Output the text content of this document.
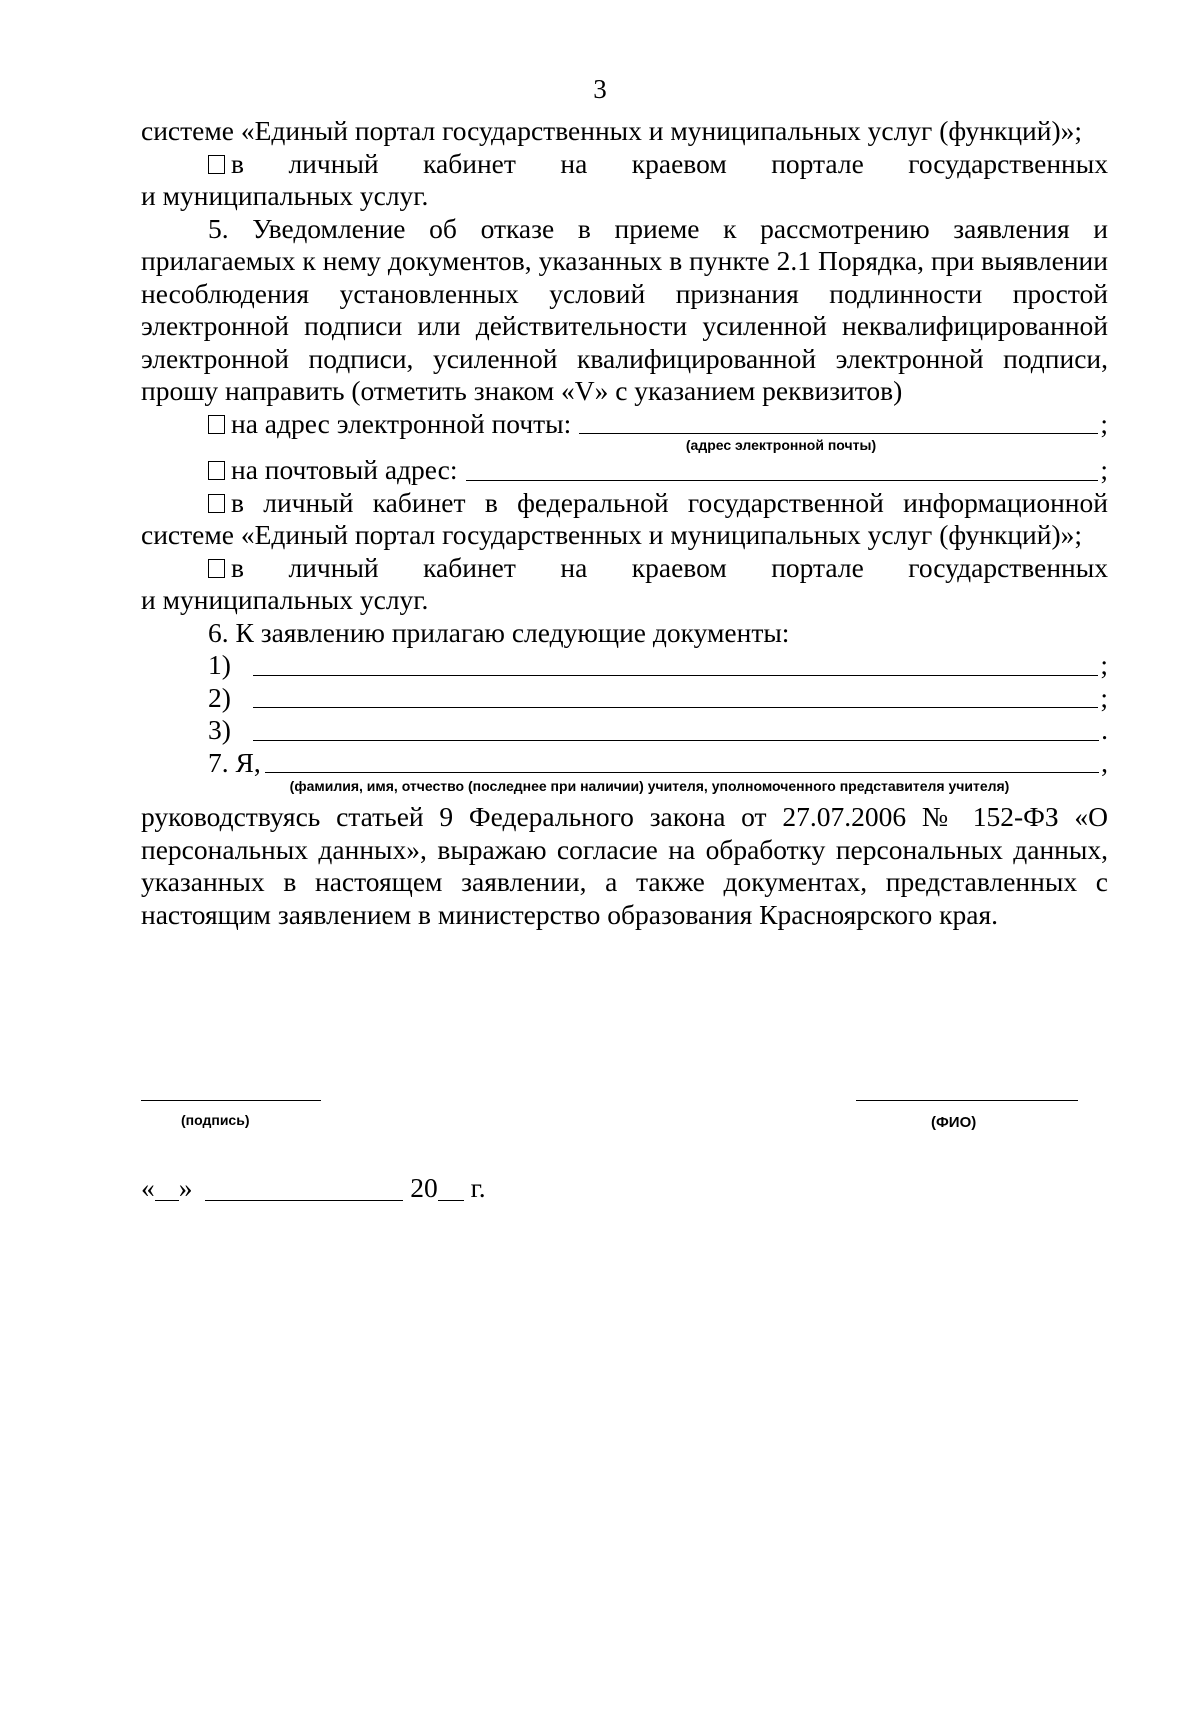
3

системе «Единый портал государственных и муниципальных услуг (функций)»;

в личный кабинет на краевом портале государственных

и муниципальных услуг.

5. Уведомление об отказе в приеме к рассмотрению заявления и прилагаемых к нему документов, указанных в пункте 2.1 Порядка, при выявлении несоблюдения установленных условий признания подлинности простой электронной подписи или действительности усиленной неквалифицированной электронной подписи, усиленной квалифицированной электронной подписи, прошу направить (отметить знаком «V» с указанием реквизитов)

на адрес электронной почты:	;
(адрес электронной почты)
на почтовый адрес:	;

в личный кабинет в федеральной государственной информационной

системе «Единый портал государственных и муниципальных услуг (функций)»;

в личный кабинет на краевом портале государственных

и муниципальных услуг.

6. К заявлению прилагаю следующие документы:

1)	;
2)	;
3)	.
7. Я,	,
(фамилия, имя, отчество (последнее при наличии) учителя, уполномоченного представителя учителя)

руководствуясь статьей 9 Федерального закона от 27.07.2006 № 152-ФЗ «О персональных данных», выражаю согласие на обработку персональных данных, указанных в настоящем заявлении, а также документах, представленных с настоящим заявлением в министерство образования Красноярского края.

(подпись)	(ФИО)
« »	20 г.
